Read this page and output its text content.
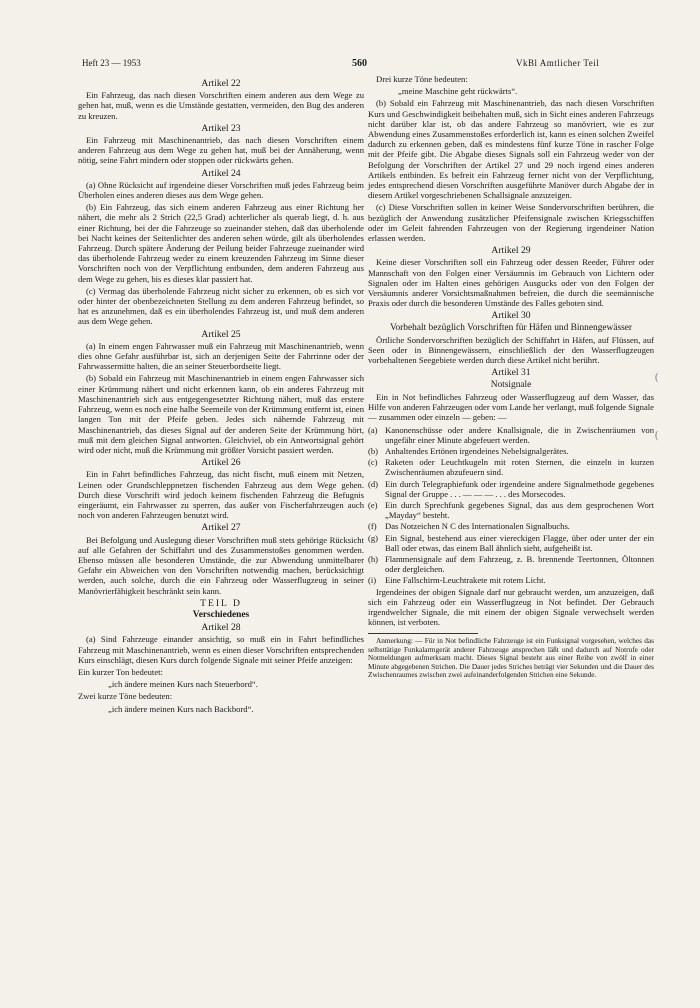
Heft 23 — 1953	560	VkBl Amtlicher Teil
Artikel 22

Ein Fahrzeug, das nach diesen Vorschriften einem anderen aus dem Wege zu gehen hat, muß, wenn es die Umstände gestatten, vermeiden, den Bug des anderen zu kreuzen.

Artikel 23

Ein Fahrzeug mit Maschinenantrieb, das nach diesen Vorschriften einem anderen Fahrzeug aus dem Wege zu gehen hat, muß bei der Annäherung, wenn nötig, seine Fahrt mindern oder stoppen oder rückwärts gehen.

Artikel 24

(a) Ohne Rücksicht auf irgendeine dieser Vorschriften muß jedes Fahrzeug beim Überholen eines anderen dieses aus dem Wege gehen.

(b) Ein Fahrzeug, das sich einem anderen Fahrzeug aus einer Richtung her nähert, die mehr als 2 Strich (22,5 Grad) achterlicher als querab liegt, d. h. aus einer Richtung, bei der die Fahrzeuge so zueinander stehen, daß das überholende bei Nacht keines der Seitenlichter des anderen sehen würde, gilt als überholendes Fahrzeug. Durch spätere Änderung der Peilung beider Fahrzeuge zueinander wird das überholende Fahrzeug weder zu einem kreuzenden Fahrzeug im Sinne dieser Vorschriften noch von der Verpflichtung entbunden, dem anderen Fahrzeug aus dem Wege zu gehen, bis es dieses klar passiert hat.

(c) Vermag das überholende Fahrzeug nicht sicher zu erkennen, ob es sich vor oder hinter der obenbezeichneten Stellung zu dem anderen Fahrzeug befindet, so hat es anzunehmen, daß es ein überholendes Fahrzeug ist, und muß dem anderen aus dem Wege gehen.

Artikel 25

(a) In einem engen Fahrwasser muß ein Fahrzeug mit Maschinenantrieb, wenn dies ohne Gefahr ausführbar ist, sich an derjenigen Seite der Fahrrinne oder der Fahrwassermitte halten, die an seiner Steuerbordseite liegt.

(b) Sobald ein Fahrzeug mit Maschinenantrieb in einem engen Fahrwasser sich einer Krümmung nähert und nicht erkennen kann, ob ein anderes Fahrzeug mit Maschinenantrieb sich aus entgegengesetzter Richtung nähert, muß das erstere Fahrzeug, wenn es noch eine halbe Seemeile von der Krümmung entfernt ist, einen langen Ton mit der Pfeife geben. Jedes sich nähernde Fahrzeug mit Maschinenantrieb, das dieses Signal auf der anderen Seite der Krümmung hört, muß mit dem gleichen Signal antworten. Gleichviel, ob ein Antwortsignal gehört wird oder nicht, muß die Krümmung mit größter Vorsicht passiert werden.

Artikel 26

Ein in Fahrt befindliches Fahrzeug, das nicht fischt, muß einem mit Netzen, Leinen oder Grundschleppnetzen fischenden Fahrzeug aus dem Wege gehen. Durch diese Vorschrift wird jedoch keinem fischenden Fahrzeug die Befugnis eingeräumt, ein Fahrwasser zu sperren, das außer von Fischerfahrzeugen auch noch von anderen Fahrzeugen benutzt wird.

Artikel 27

Bei Befolgung und Auslegung dieser Vorschriften muß stets gehörige Rücksicht auf alle Gefahren der Schiffahrt und des Zusammenstoßes genommen werden. Ebenso müssen alle besonderen Umstände, die zur Abwendung unmittelbarer Gefahr ein Abweichen von den Vorschriften notwendig machen, berücksichtigt werden, auch solche, durch die ein Fahrzeug oder Wasserflugzeug in seiner Manövrierfähigkeit beschränkt sein kann.

TEIL D
Verschiedenes
Artikel 28

(a) Sind Fahrzeuge einander ansichtig, so muß ein in Fahrt befindliches Fahrzeug mit Maschinenantrieb, wenn es einen dieser Vorschriften entsprechenden Kurs einschlägt, diesen Kurs durch folgende Signale mit seiner Pfeife anzeigen:

Ein kurzer Ton bedeutet:

„ich ändere meinen Kurs nach Steuerbord“.

Zwei kurze Töne bedeuten:

„ich ändere meinen Kurs nach Backbord“.

Drei kurze Töne bedeuten:

„meine Maschine geht rückwärts“.

(b) Sobald ein Fahrzeug mit Maschinenantrieb, das nach diesen Vorschriften Kurs und Geschwindigkeit beibehalten muß, sich in Sicht eines anderen Fahrzeugs nicht darüber klar ist, ob das andere Fahrzeug so manövriert, wie es zur Abwendung eines Zusammenstoßes erforderlich ist, kann es einen solchen Zweifel dadurch zu erkennen geben, daß es mindestens fünf kurze Töne in rascher Folge mit der Pfeife gibt. Die Abgabe dieses Signals soll ein Fahrzeug weder von der Befolgung der Vorschriften der Artikel 27 und 29 noch irgend eines anderen Artikels entbinden. Es befreit ein Fahrzeug ferner nicht von der Verpflichtung, jedes entsprechend diesen Vorschriften ausgeführte Manöver durch Abgabe der in diesem Artikel vorgeschriebenen Schallsignale anzuzeigen.

(c) Diese Vorschriften sollen in keiner Weise Sondervorschriften berühren, die bezüglich der Anwendung zusätzlicher Pfeifensignale zwischen Kriegsschiffen oder im Geleit fahrenden Fahrzeugen von der Regierung irgendeiner Nation erlassen werden.

Artikel 29

Keine dieser Vorschriften soll ein Fahrzeug oder dessen Reeder, Führer oder Mannschaft von den Folgen einer Versäumnis im Gebrauch von Lichtern oder Signalen oder im Halten eines gehörigen Ausgucks oder von den Folgen der Versäumnis anderer Vorsichtsmaßnahmen befreien, die durch die seemännische Praxis oder durch die besonderen Umstände des Falles geboten sind.

Artikel 30
Vorbehalt bezüglich Vorschriften für Häfen und Binnengewässer

Örtliche Sondervorschriften bezüglich der Schiffahrt in Häfen, auf Flüssen, auf Seen oder in Binnengewässern, einschließlich der den Wasserflugzeugen vorbehaltenen Seegebiete werden durch diese Artikel nicht berührt.

Artikel 31
Notsignale

Ein in Not befindliches Fahrzeug oder Wasserflugzeug auf dem Wasser, das Hilfe von anderen Fahrzeugen oder vom Lande her verlangt, muß folgende Signale — zusammen oder einzeln — geben: —

(a) Kanonenschüsse oder andere Knallsignale, die in Zwischenräumen von ungefähr einer Minute abgefeuert werden.
(b) Anhaltendes Ertönen irgendeines Nebelsignalgerätes.
(c) Raketen oder Leuchtkugeln mit roten Sternen, die einzeln in kurzen Zwischenräumen abzufeuern sind.
(d) Ein durch Telegraphiefunk oder irgendeine andere Signalmethode gegebenes Signal der Gruppe . . . — — — . . . des Morsecodes.
(e) Ein durch Sprechfunk gegebenes Signal, das aus dem gesprochenen Wort „Mayday“ besteht.
(f) Das Notzeichen N C des Internationalen Signalbuchs.
(g) Ein Signal, bestehend aus einer viereckigen Flagge, über oder unter der ein Ball oder etwas, das einem Ball ähnlich sieht, aufgeheißt ist.
(h) Flammensignale auf dem Fahrzeug, z. B. brennende Teertonnen, Öltonnen oder dergleichen.
(i) Eine Fallschirm-Leuchtrakete mit rotem Licht.

Irgendeines der obigen Signale darf nur gebraucht werden, um anzuzeigen, daß sich ein Fahrzeug oder ein Wasserflugzeug in Not befindet. Der Gebrauch irgendwelcher Signale, die mit einem der obigen Signale verwechselt werden können, ist verboten.

Anmerkung: — Für in Not befindliche Fahrzeuge ist ein Funksignal vorgesehen, welches das selbsttätige Funkalarmgerät anderer Fahrzeuge ansprechen läßt und dadurch auf Notrufe oder Notmeldungen aufmerksam macht. Dieses Signal besteht aus einer Reihe von zwölf in einer Minute abgegebenen Strichen. Die Dauer jedes Striches beträgt vier Sekunden und die Dauer des Zwischenraumes zwischen zwei aufeinanderfolgenden Strichen eine Sekunde.

(
(
